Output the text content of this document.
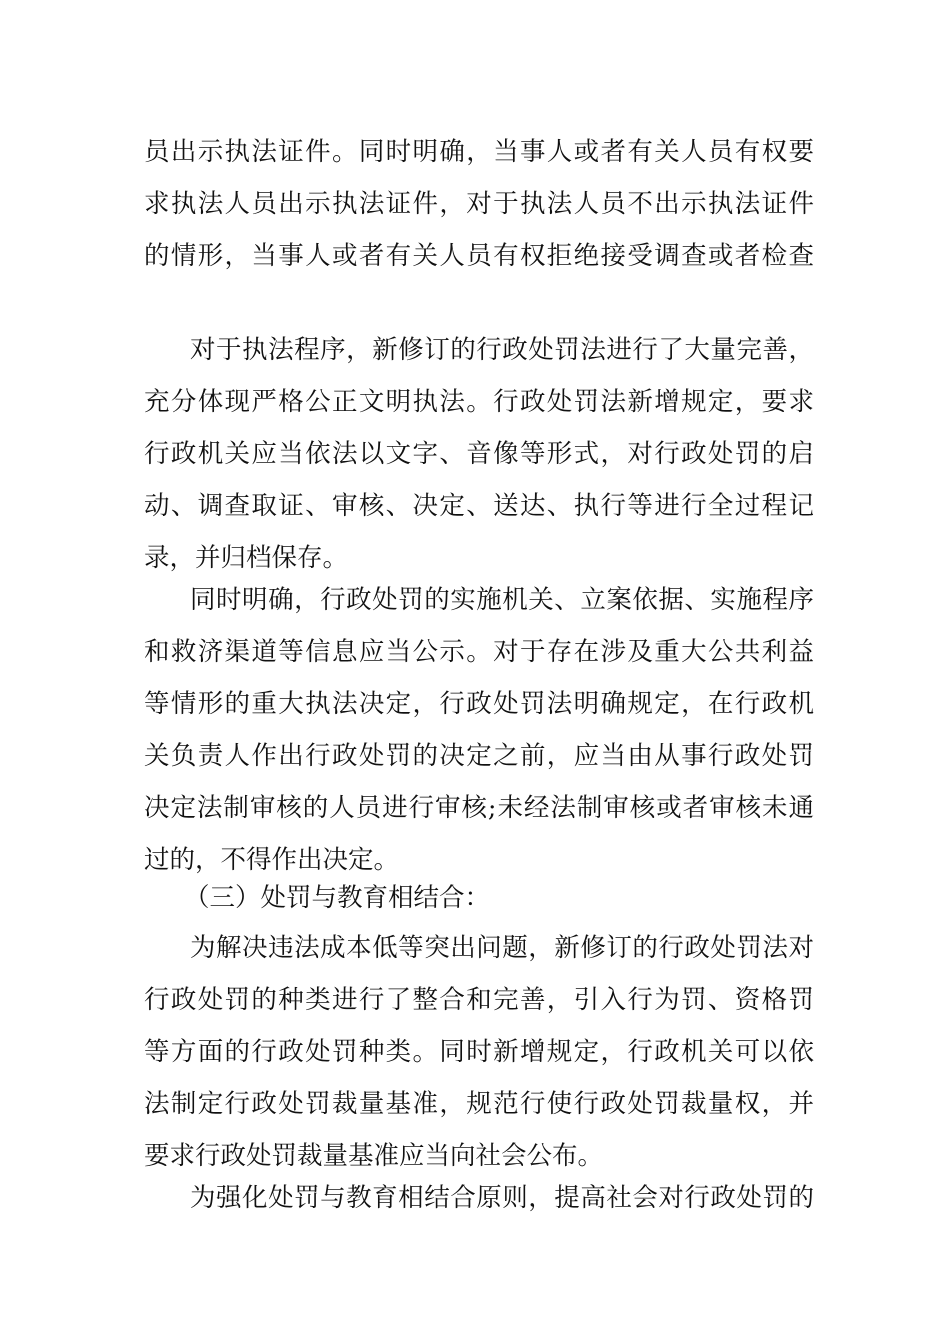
员出示执法证件。同时明确，当事人或者有关人员有权要
求执法人员出示执法证件，对于执法人员不出示执法证件
的情形，当事人或者有关人员有权拒绝接受调查或者检查
对于执法程序，新修订的行政处罚法进行了大量完善，
充分体现严格公正文明执法。行政处罚法新增规定，要求
行政机关应当依法以文字、音像等形式，对行政处罚的启
动、调查取证、审核、决定、送达、执行等进行全过程记
录，并归档保存。
同时明确，行政处罚的实施机关、立案依据、实施程序
和救济渠道等信息应当公示。对于存在涉及重大公共利益
等情形的重大执法决定，行政处罚法明确规定，在行政机
关负责人作出行政处罚的决定之前，应当由从事行政处罚
决定法制审核的人员进行审核;未经法制审核或者审核未通
过的，不得作出决定。
（三）处罚与教育相结合：
为解决违法成本低等突出问题，新修订的行政处罚法对
行政处罚的种类进行了整合和完善，引入行为罚、资格罚
等方面的行政处罚种类。同时新增规定，行政机关可以依
法制定行政处罚裁量基准，规范行使行政处罚裁量权，并
要求行政处罚裁量基准应当向社会公布。
为强化处罚与教育相结合原则，提高社会对行政处罚的
